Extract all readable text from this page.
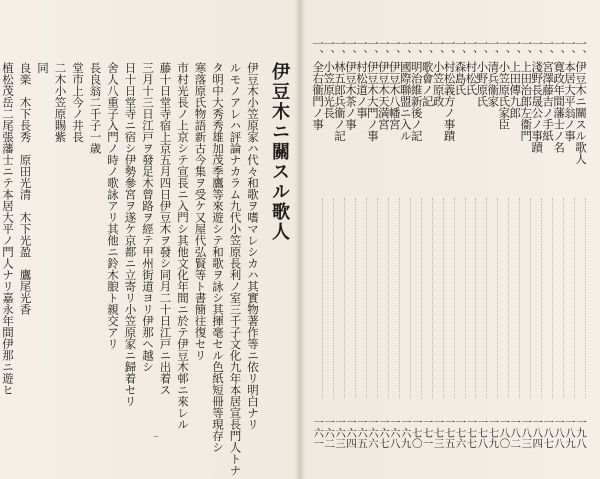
伊豆木ニ關スル歌人
伊豆木小笠原家ハ代々和歌ヲ嗜マレシカハ其實物著作等ニ依リ明白ナリ
ルモノアレハ評論ナカラム九代小笠原長利ノ室三千子文化九年本居宣長門人トナ
タ明中大秀秀雄加茂季鷹等來遊シテ和歌ヲ詠シ其揮毫セル色紙短冊等現存シ
寒落原氏物語新古今集ヲ受ケ又屋代弘賢等ト書簡往復セリ
市村光長ノ上京シテ宣長ニ入門シ其他文化年間ニ於テ伊豆木邨ニ來レル
藤十日堂寺宿上京五月四日伊豆木ヲ發シ同月二十日江戸ニ出着ス
三月十三日江戸ヲ發足木曾路ヲ經テ甲州街道ヨリ伊那ヘ越シ
日十日堂寺ニ宿シ伊勢參宮ヲ遂ケ京都ニ立寄リ小笠原家ニ歸着セリ
舍人八重子入門ノ時ノ歌詠アリ其他ニ鈴木朖ト親交アリ
長良翁二千子一歳
堂市上今ノ井長
二木小笠原賜紫
同
良楽　木下長秀　原田光清　木下光盈　鷹尾光香
植松茂岳二尾張藩士ニテ本居大平ノ門人ナリ嘉永年間伊那ニ遊ヒ	一、伊豆木ニ關スル歌人
一九八
一、本居大平翁ノ事
一八九
一、寛政年間藩士ノ名
一八八
一、宮澤藤吉ノ手紙
一八七
一、淺野長晟公ノ事蹟
一八四
一、上田治郎左衞門
一八三
一、上田傳九郎
一八二
一、小笠原氏家臣
一八〇
一、清兵衞家
一七九
一、小野原氏
一七八
一、村松氏
一七七
一、森島氏
一七六
一、村松義方ノ事蹟
一七五
一、小笠原政
一七三
一、歌會ノ記
一七一
一、明治維新後ノ記
一七〇
一、國際聯盟ニ入ル
一六九
一、伊豆木八幡宮
一六八
一、伊豆木天満宮
一六七
一、伊豆木大門ノ事
一六六
一、村松道ノ事
一六五
一、伊豆木茶ノ事
一六四
一、林五郎兵衞ノ記
一六三
一、小笠原光長
一六二
一、全右衞門ノ事
一六一
